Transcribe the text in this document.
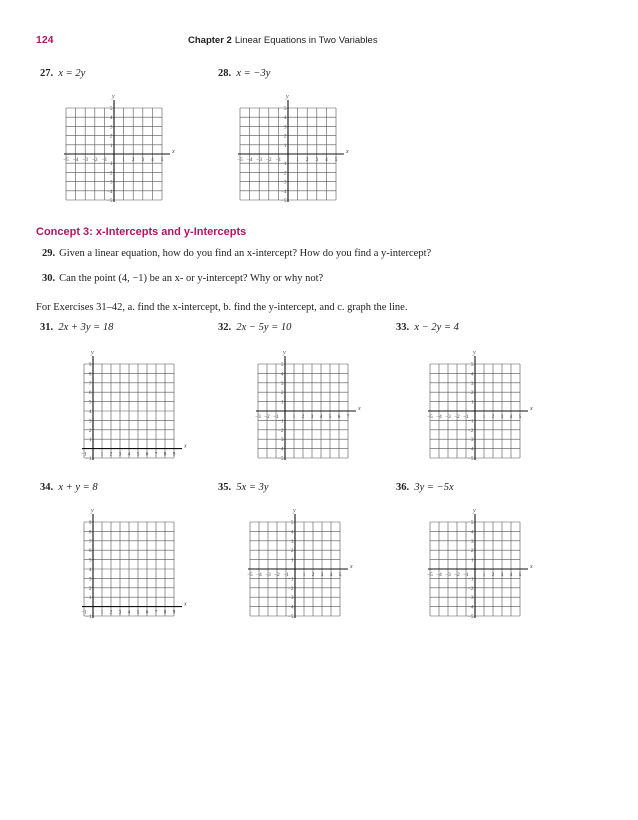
124	Chapter 2 Linear Equations in Two Variables
27. x = 2y	28. x = −3y
x
y
−5 −4 −3 −2 −1	1 2 3 4 5
−5
−4
−3
−2
−1
1
2
3
4
5
x
y
−5 −4 −3 −2 −1	1 2 3 4 5
−5
−4
−3
−2
−1
1
2
3
4
5
Concept 3: x-Intercepts and y-Intercepts
29. Given a linear equation, how do you find an x-intercept? How do you find a y-intercept?
30. Can the point (4, −1) be an x- or y-intercept? Why or why not?
For Exercises 31–42, a. find the x-intercept, b. find the y-intercept, and c. graph the line.
31. 2x + 3y = 18	32. 2x − 5y = 10	33. x − 2y = 4
x
y
−1	1 2 3 4 5 6 7 8 9
−1
1
2
3
4
5
6
7
8
9
x
y
−3 −2 −1	1 2 3 4 5 6 7
−5
−4
−3
−2
−1
1
2
3
4
5
x
y
−5 −4 −3 −2 −1	1 2 3 4 5
−5
−4
−3
−2
−1
1
2
3
4
5
34. x + y = 8	35. 5x = 3y	36. 3y = −5x
x
y
−1	1 2 3 4 5 6 7 8 9
−1
1
2
3
4
5
6
7
8
9
x
y
−5 −4 −3 −2 −1	1 2 3 4 5
−5
−4
−3
−2
−1
1
2
3
4
5
x
y
−5 −4 −3 −2 −1	1 2 3 4 5
−5
−4
−3
−2
−1
1
2
3
4
5
